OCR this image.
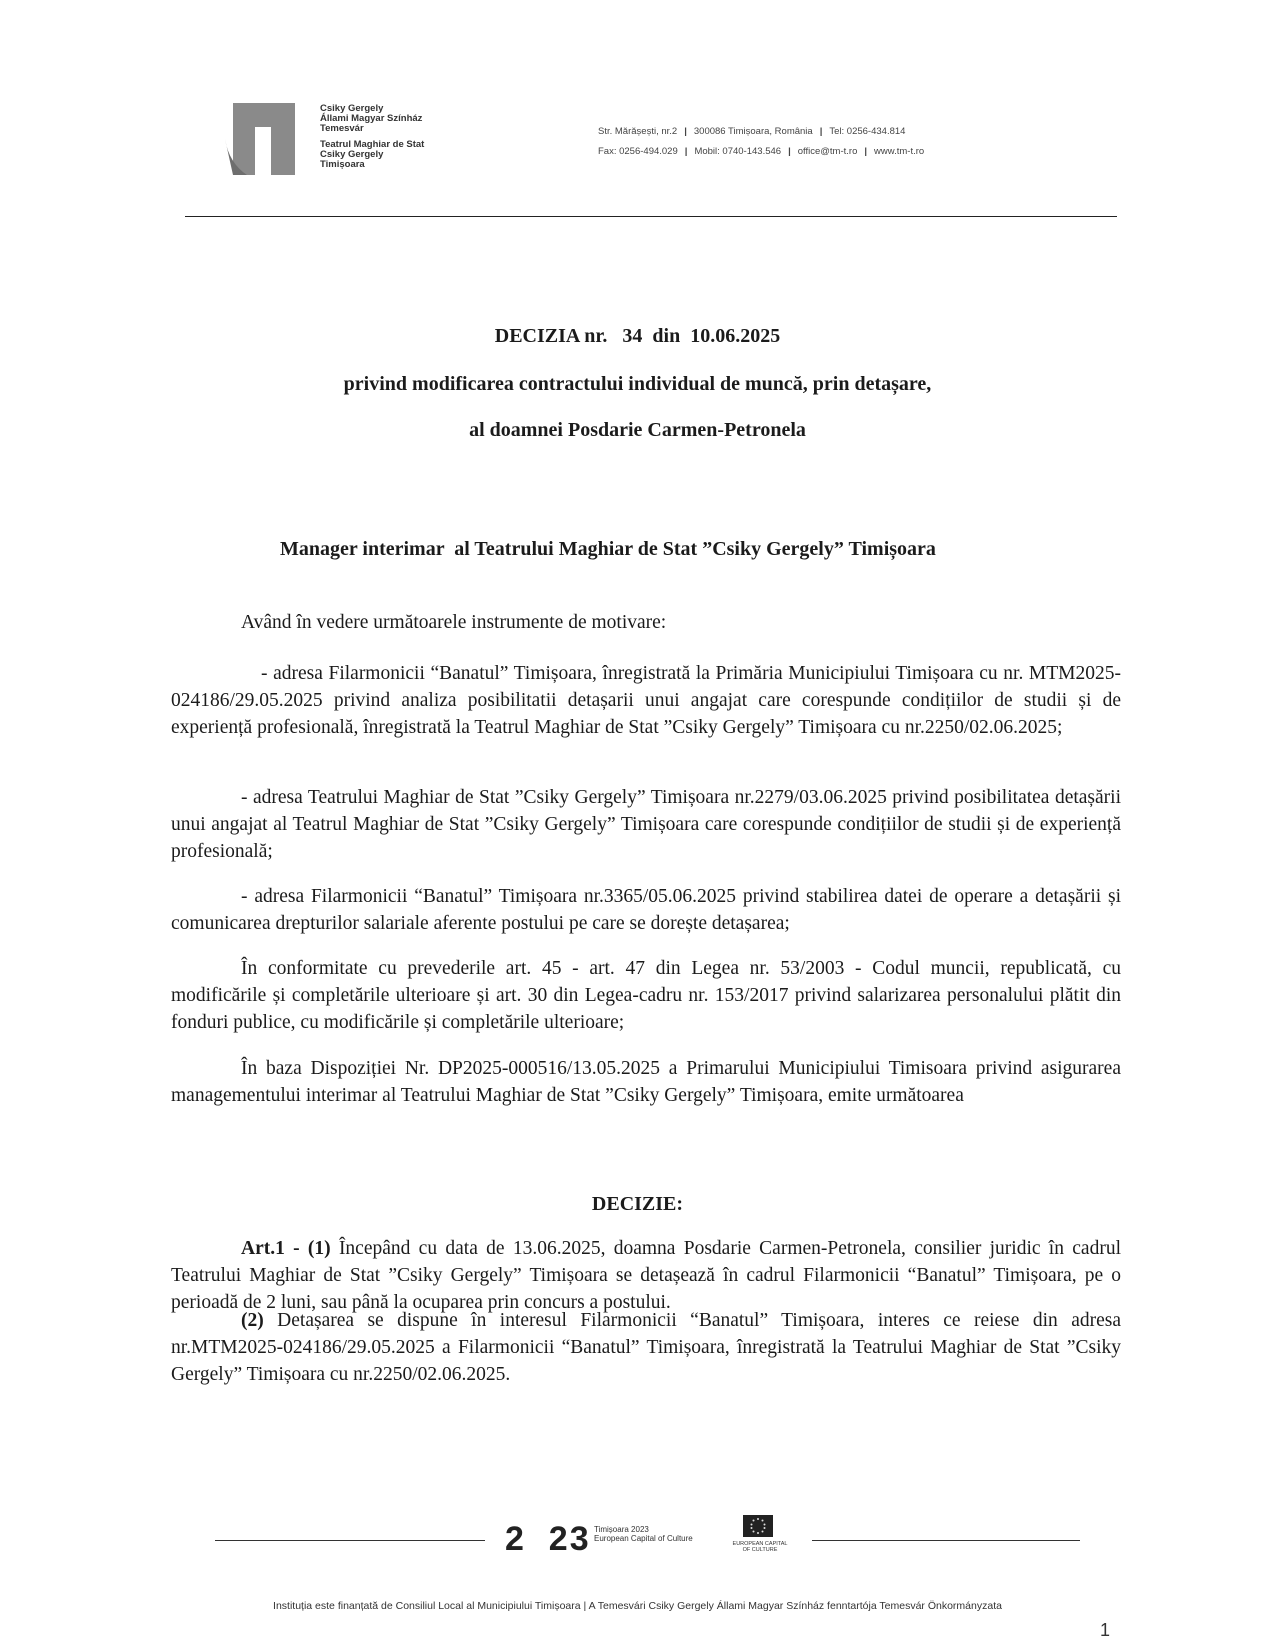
Csiky Gergely
Állami Magyar Színház
Temesvár
Teatrul Maghiar de Stat
Csiky Gergely
Timișoara
Str. Mărășești, nr.2 | 300086 Timișoara, România | Tel: 0256-434.814
Fax: 0256-494.029 | Mobil: 0740-143.546 | office@tm-t.ro | www.tm-t.ro
DECIZIA nr.   34  din  10.06.2025
privind modificarea contractului individual de muncă, prin detașare,
al doamnei Posdarie Carmen-Petronela
Manager interimar  al Teatrului Maghiar de Stat ”Csiky Gergely” Timișoara
Având în vedere următoarele instrumente de motivare:
- adresa Filarmonicii “Banatul” Timișoara, înregistrată la Primăria Municipiului Timișoara cu nr. MTM2025-024186/29.05.2025 privind analiza posibilitatii detașarii unui angajat care corespunde condițiilor de studii și de experiență profesională, înregistrată la Teatrul Maghiar de Stat ”Csiky Gergely” Timișoara cu nr.2250/02.06.2025;
- adresa Teatrului Maghiar de Stat ”Csiky Gergely” Timișoara nr.2279/03.06.2025 privind posibilitatea detașării unui angajat al Teatrul Maghiar de Stat ”Csiky Gergely” Timișoara care corespunde condițiilor de studii și de experiență profesională;
- adresa Filarmonicii “Banatul” Timișoara nr.3365/05.06.2025 privind stabilirea datei de operare a detașării și comunicarea drepturilor salariale aferente postului pe care se dorește detașarea;
În conformitate cu prevederile art. 45 - art. 47 din Legea nr. 53/2003 - Codul muncii, republicată, cu modificările și completările ulterioare și art. 30 din Legea-cadru nr. 153/2017 privind salarizarea personalului plătit din fonduri publice, cu modificările și completările ulterioare;
În baza Dispoziției Nr. DP2025-000516/13.05.2025 a Primarului Municipiului Timisoara privind asigurarea managementului interimar al Teatrului Maghiar de Stat ”Csiky Gergely” Timișoara, emite următoarea
DECIZIE:
Art.1 - (1) Începând cu data de 13.06.2025, doamna Posdarie Carmen-Petronela, consilier juridic în cadrul Teatrului Maghiar de Stat ”Csiky Gergely” Timișoara se detașează în cadrul Filarmonicii “Banatul” Timișoara, pe o perioadă de 2 luni, sau până la ocuparea prin concurs a postului.
(2) Detașarea se dispune în interesul Filarmonicii “Banatul” Timișoara, interes ce reiese din adresa nr.MTM2025-024186/29.05.2025 a Filarmonicii “Banatul” Timișoara, înregistrată la Teatrului Maghiar de Stat ”Csiky Gergely” Timișoara cu nr.2250/02.06.2025.
2  23 Timișoara 2023
European Capital of Culture
EUROPEAN CAPITAL
OF CULTURE
Instituția este finanțată de Consiliul Local al Municipiului Timișoara | A Temesvári Csiky Gergely Állami Magyar Színház fenntartója Temesvár Önkormányzata
1
